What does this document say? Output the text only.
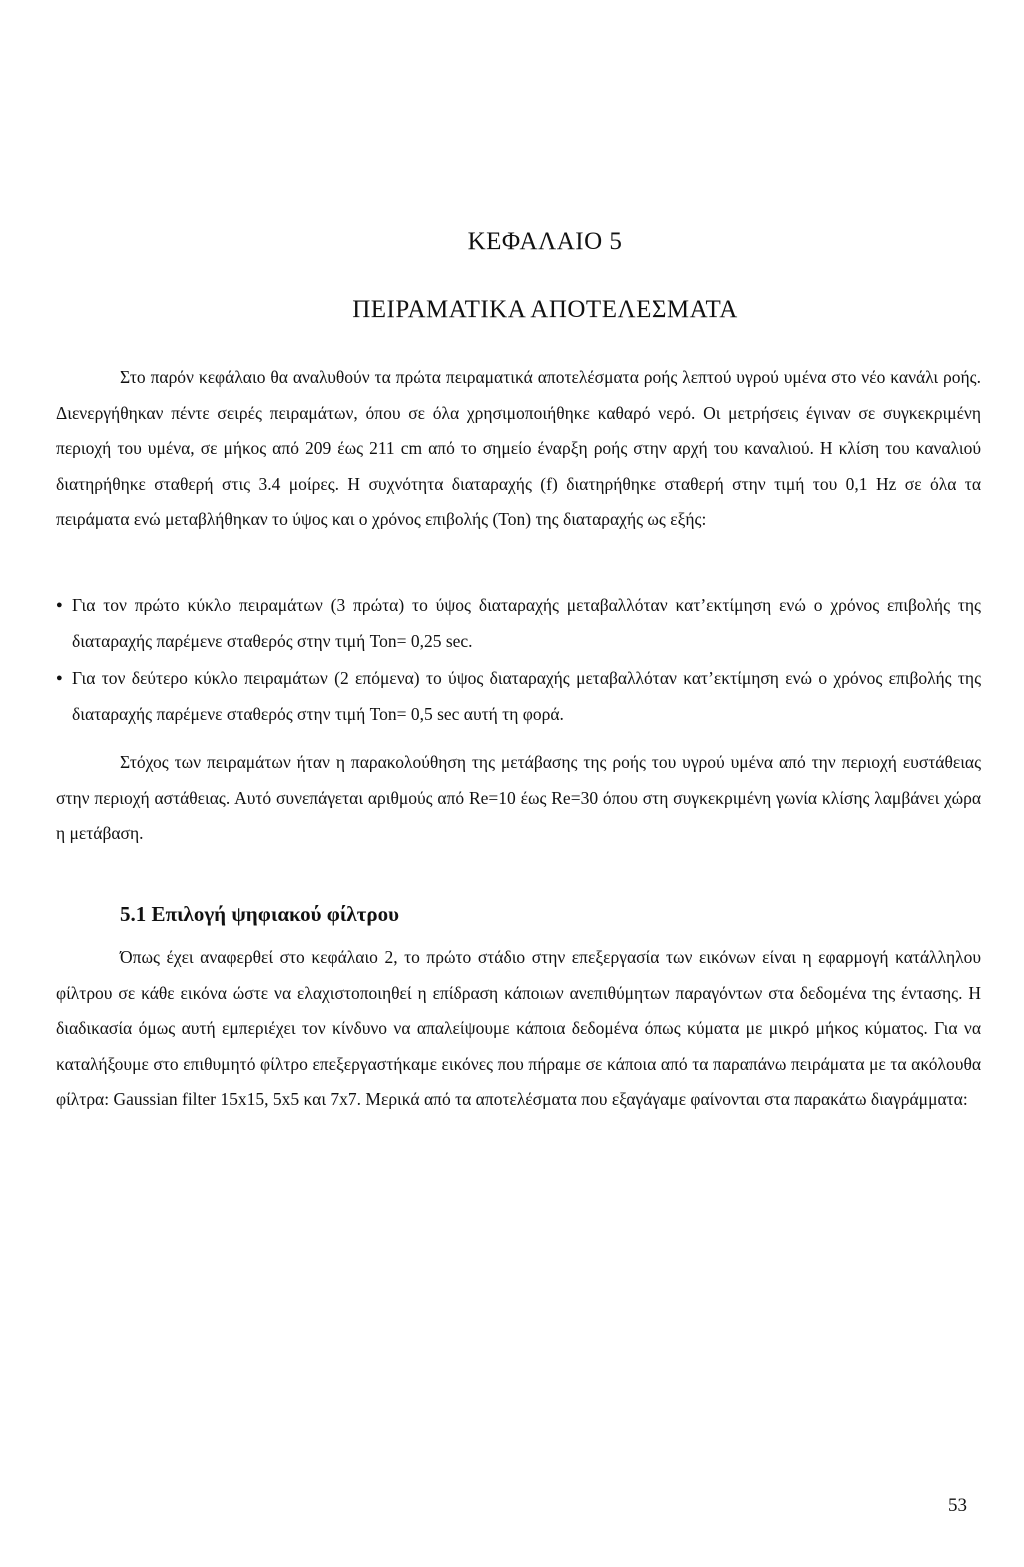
ΚΕΦΑΛΑΙΟ 5
ΠΕΙΡΑΜΑΤΙΚΑ ΑΠΟΤΕΛΕΣΜΑΤΑ

Στο παρόν κεφάλαιο θα αναλυθούν τα πρώτα πειραματικά αποτελέσματα ροής λεπτού υγρού υμένα στο νέο κανάλι ροής. Διενεργήθηκαν πέντε σειρές πειραμάτων, όπου σε όλα χρησιμοποιήθηκε καθαρό νερό. Οι μετρήσεις έγιναν σε συγκεκριμένη περιοχή του υμένα, σε μήκος από 209 έως 211 cm από το σημείο έναρξη ροής στην αρχή του καναλιού. Η κλίση του καναλιού διατηρήθηκε σταθερή στις 3.4 μοίρες. Η συχνότητα διαταραχής (f) διατηρήθηκε σταθερή στην τιμή του 0,1 Hz σε όλα τα πειράματα ενώ μεταβλήθηκαν το ύψος και ο χρόνος επιβολής (Ton) της διαταραχής ως εξής:

● Για τον πρώτο κύκλο πειραμάτων (3 πρώτα) το ύψος διαταραχής μεταβαλλόταν κατ’εκτίμηση ενώ ο χρόνος επιβολής της διαταραχής παρέμενε σταθερός στην τιμή Ton= 0,25 sec.
● Για τον δεύτερο κύκλο πειραμάτων (2 επόμενα) το ύψος διαταραχής μεταβαλλόταν κατ’εκτίμηση ενώ ο χρόνος επιβολής της διαταραχής παρέμενε σταθερός στην τιμή Ton= 0,5 sec αυτή τη φορά.

Στόχος των πειραμάτων ήταν η παρακολούθηση της μετάβασης της ροής του υγρού υμένα από την περιοχή ευστάθειας στην περιοχή αστάθειας. Αυτό συνεπάγεται αριθμούς από Re=10 έως Re=30 όπου στη συγκεκριμένη γωνία κλίσης λαμβάνει χώρα η μετάβαση.

5.1 Επιλογή ψηφιακού φίλτρου

Όπως έχει αναφερθεί στο κεφάλαιο 2, το πρώτο στάδιο στην επεξεργασία των εικόνων είναι η εφαρμογή κατάλληλου φίλτρου σε κάθε εικόνα ώστε να ελαχιστοποιηθεί η επίδραση κάποιων ανεπιθύμητων παραγόντων στα δεδομένα της έντασης. Η διαδικασία όμως αυτή εμπεριέχει τον κίνδυνο να απαλείψουμε κάποια δεδομένα όπως κύματα με μικρό μήκος κύματος. Για να καταλήξουμε στο επιθυμητό φίλτρο επεξεργαστήκαμε εικόνες που πήραμε σε κάποια από τα παραπάνω πειράματα με τα ακόλουθα φίλτρα: Gaussian filter 15x15, 5x5 και 7x7. Μερικά από τα αποτελέσματα που εξαγάγαμε φαίνονται στα παρακάτω διαγράμματα:

53
